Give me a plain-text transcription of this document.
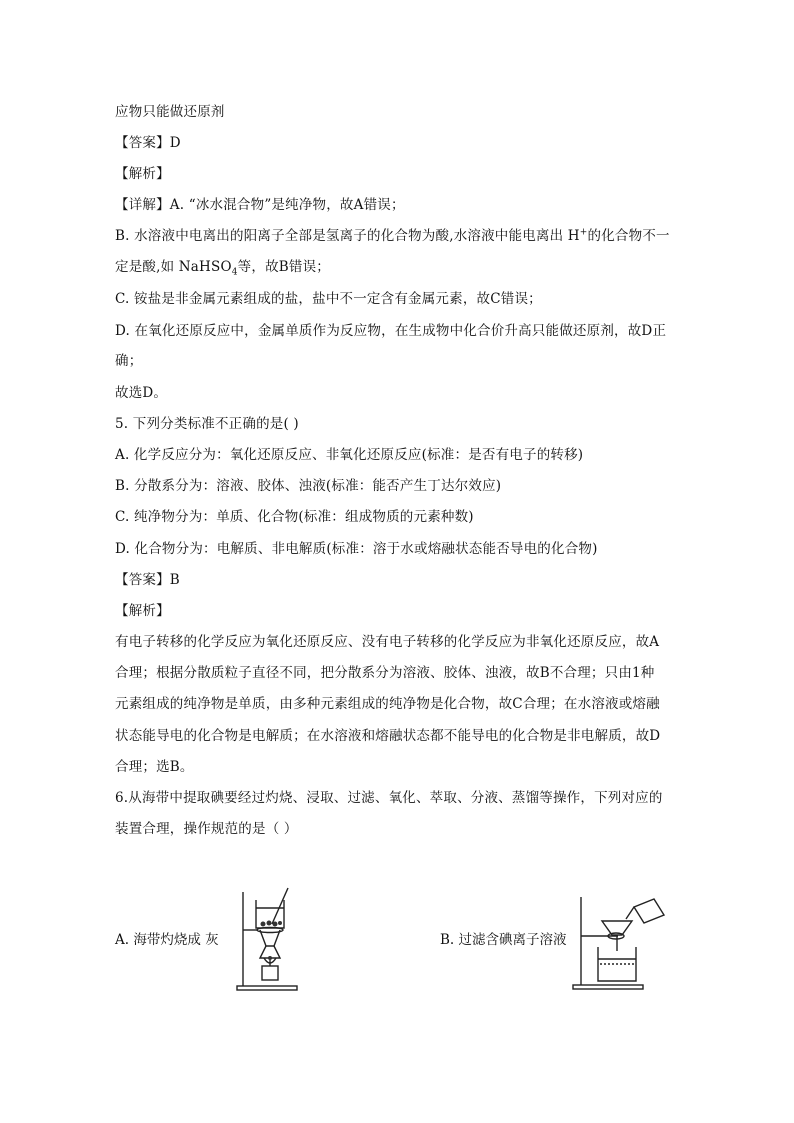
应物只能做还原剂
【答案】D
【解析】
【详解】A. “冰水混合物”是纯净物，故A错误；
B. 水溶液中电离出的阳离子全部是氢离子的化合物为酸,水溶液中能电离出 H+的化合物不一
定是酸,如 NaHSO$_4$等，故B错误；
C. 铵盐是非金属元素组成的盐，盐中不一定含有金属元素，故C错误；
D. 在氧化还原反应中，金属单质作为反应物，在生成物中化合价升高只能做还原剂，故D正
确；
故选D。
5. 下列分类标准不正确的是( )
A. 化学反应分为：氧化还原反应、非氧化还原反应(标准：是否有电子的转移)
B. 分散系分为：溶液、胶体、浊液(标准：能否产生丁达尔效应)
C. 纯净物分为：单质、化合物(标准：组成物质的元素种数)
D. 化合物分为：电解质、非电解质(标准：溶于水或熔融状态能否导电的化合物)
【答案】B
【解析】
有电子转移的化学反应为氧化还原反应、没有电子转移的化学反应为非氧化还原反应，故A
合理；根据分散质粒子直径不同，把分散系分为溶液、胶体、浊液，故B不合理；只由1种
元素组成的纯净物是单质，由多种元素组成的纯净物是化合物，故C合理；在水溶液或熔融
状态能导电的化合物是电解质；在水溶液和熔融状态都不能导电的化合物是非电解质，故D
合理；选B。
6.从海带中提取碘要经过灼烧、浸取、过滤、氧化、萃取、分液、蒸馏等操作，下列对应的
装置合理，操作规范的是（ ）
A. 海带灼烧成 灰	B. 过滤含碘离子溶液
